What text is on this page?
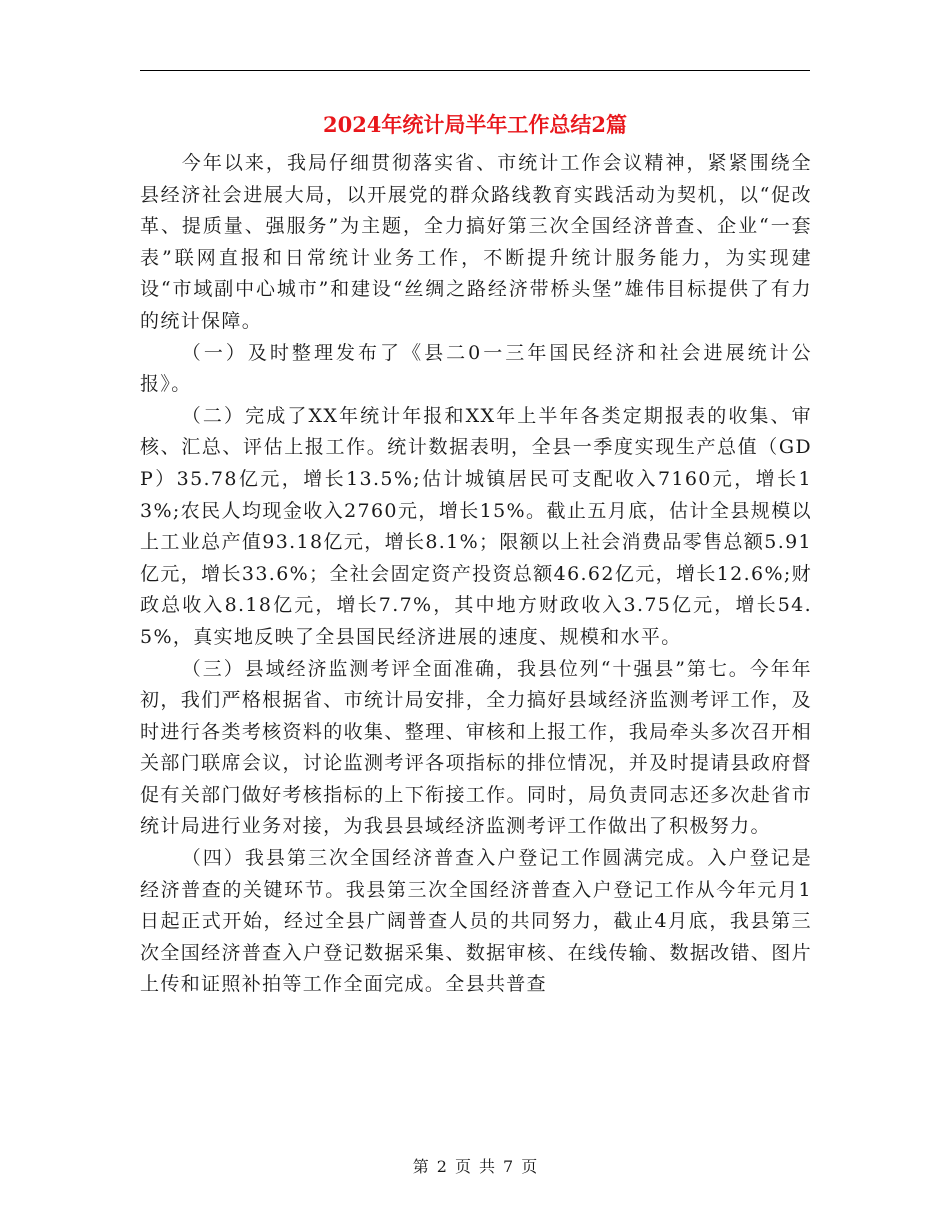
2024年统计局半年工作总结2篇

今年以来，我局仔细贯彻落实省、市统计工作会议精神，紧紧围绕全县经济社会进展大局，以开展党的群众路线教育实践活动为契机，以“促改革、提质量、强服务”为主题，全力搞好第三次全国经济普查、企业“一套表”联网直报和日常统计业务工作，不断提升统计服务能力，为实现建设“市域副中心城市”和建设“丝绸之路经济带桥头堡”雄伟目标提供了有力的统计保障。

（一）及时整理发布了《县二0一三年国民经济和社会进展统计公报》。

（二）完成了XX年统计年报和XX年上半年各类定期报表的收集、审核、汇总、评估上报工作。统计数据表明，全县一季度实现生产总值（GDP）35.78亿元，增长13.5%;估计城镇居民可支配收入7160元，增长13%;农民人均现金收入2760元，增长15%。截止五月底，估计全县规模以上工业总产值93.18亿元，增长8.1%；限额以上社会消费品零售总额5.91亿元，增长33.6%；全社会固定资产投资总额46.62亿元，增长12.6%;财政总收入8.18亿元，增长7.7%，其中地方财政收入3.75亿元，增长54.5%，真实地反映了全县国民经济进展的速度、规模和水平。

（三）县域经济监测考评全面准确，我县位列“十强县”第七。今年年初，我们严格根据省、市统计局安排，全力搞好县域经济监测考评工作，及时进行各类考核资料的收集、整理、审核和上报工作，我局牵头多次召开相关部门联席会议，讨论监测考评各项指标的排位情况，并及时提请县政府督促有关部门做好考核指标的上下衔接工作。同时，局负责同志还多次赴省市统计局进行业务对接，为我县县域经济监测考评工作做出了积极努力。

（四）我县第三次全国经济普查入户登记工作圆满完成。入户登记是经济普查的关键环节。我县第三次全国经济普查入户登记工作从今年元月1日起正式开始，经过全县广阔普查人员的共同努力，截止4月底，我县第三次全国经济普查入户登记数据采集、数据审核、在线传输、数据改错、图片上传和证照补拍等工作全面完成。全县共普查

第 2 页 共 7 页
